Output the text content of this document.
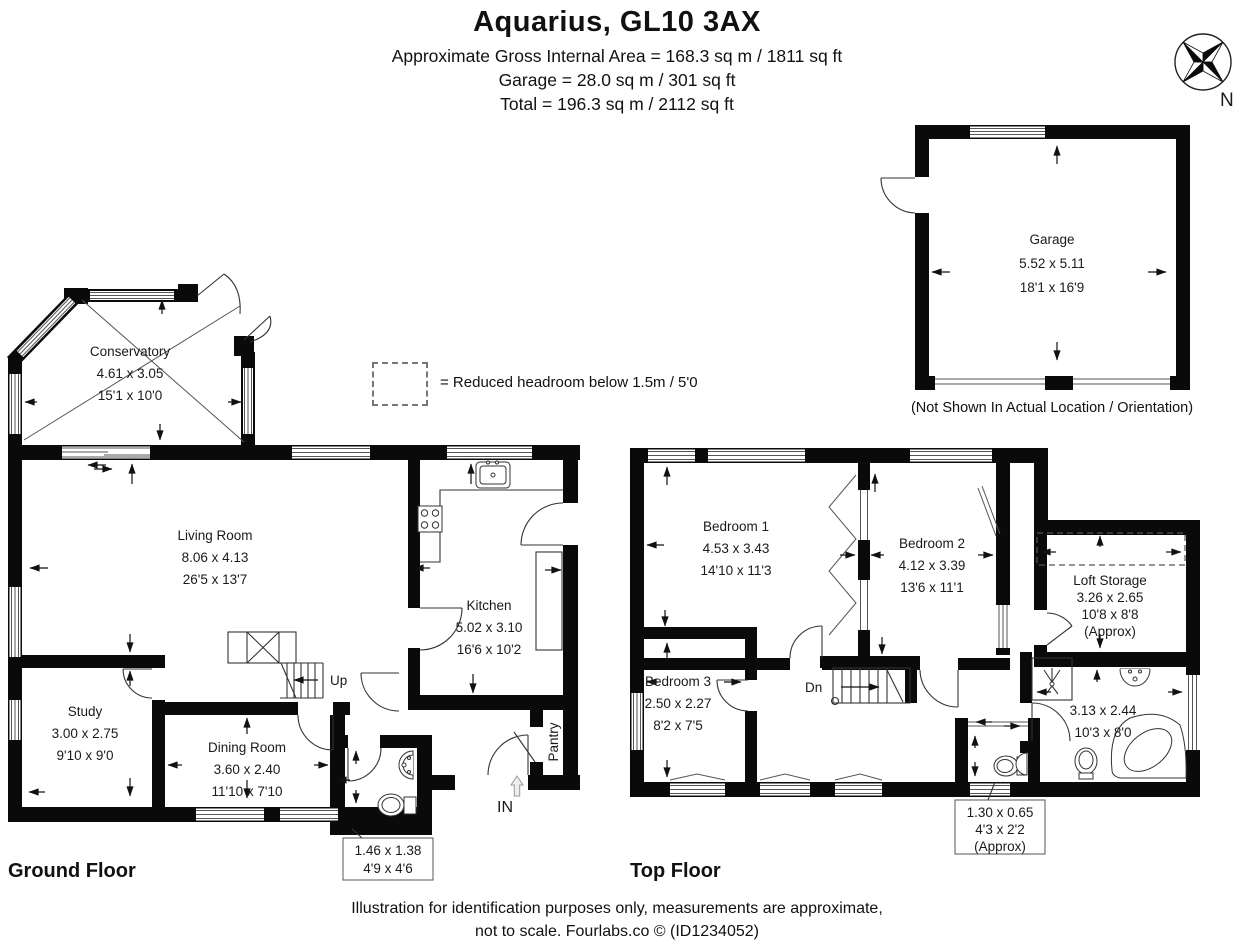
Aquarius, GL10 3AX
Approximate Gross Internal Area = 168.3 sq m / 1811 sq ft
Garage = 28.0 sq m / 301 sq ft
Total = 196.3 sq m / 2112 sq ft	N
Garage
5.52 x 5.11
18'1 x 16'9
(Not Shown In Actual Location / Orientation)
= Reduced headroom below 1.5m / 5'0
Up
Conservatory
4.61 x 3.05
15'1 x 10'0
Living Room
8.06 x 4.13
26'5 x 13'7
Kitchen
5.02 x 3.10
16'6 x 10'2
Study
3.00 x 2.75
9'10 x 9'0
Dining Room
3.60 x 2.40
11'10 x 7'10
Pantry
IN
1.46 x 1.38
4'9 x 4'6
Dn
Bedroom 1
4.53 x 3.43
14'10 x 11'3
Bedroom 2
4.12 x 3.39
13'6 x 11'1
Bedroom 3
2.50 x 2.27
8'2 x 7'5
Loft Storage
3.26 x 2.65
10'8 x 8'8
(Approx)
3.13 x 2.44
10'3 x 8'0
1.30 x 0.65
4'3 x 2'2
(Approx)
Ground Floor	Top Floor
Illustration for identification purposes only, measurements are approximate,
not to scale. Fourlabs.co © (ID1234052)
